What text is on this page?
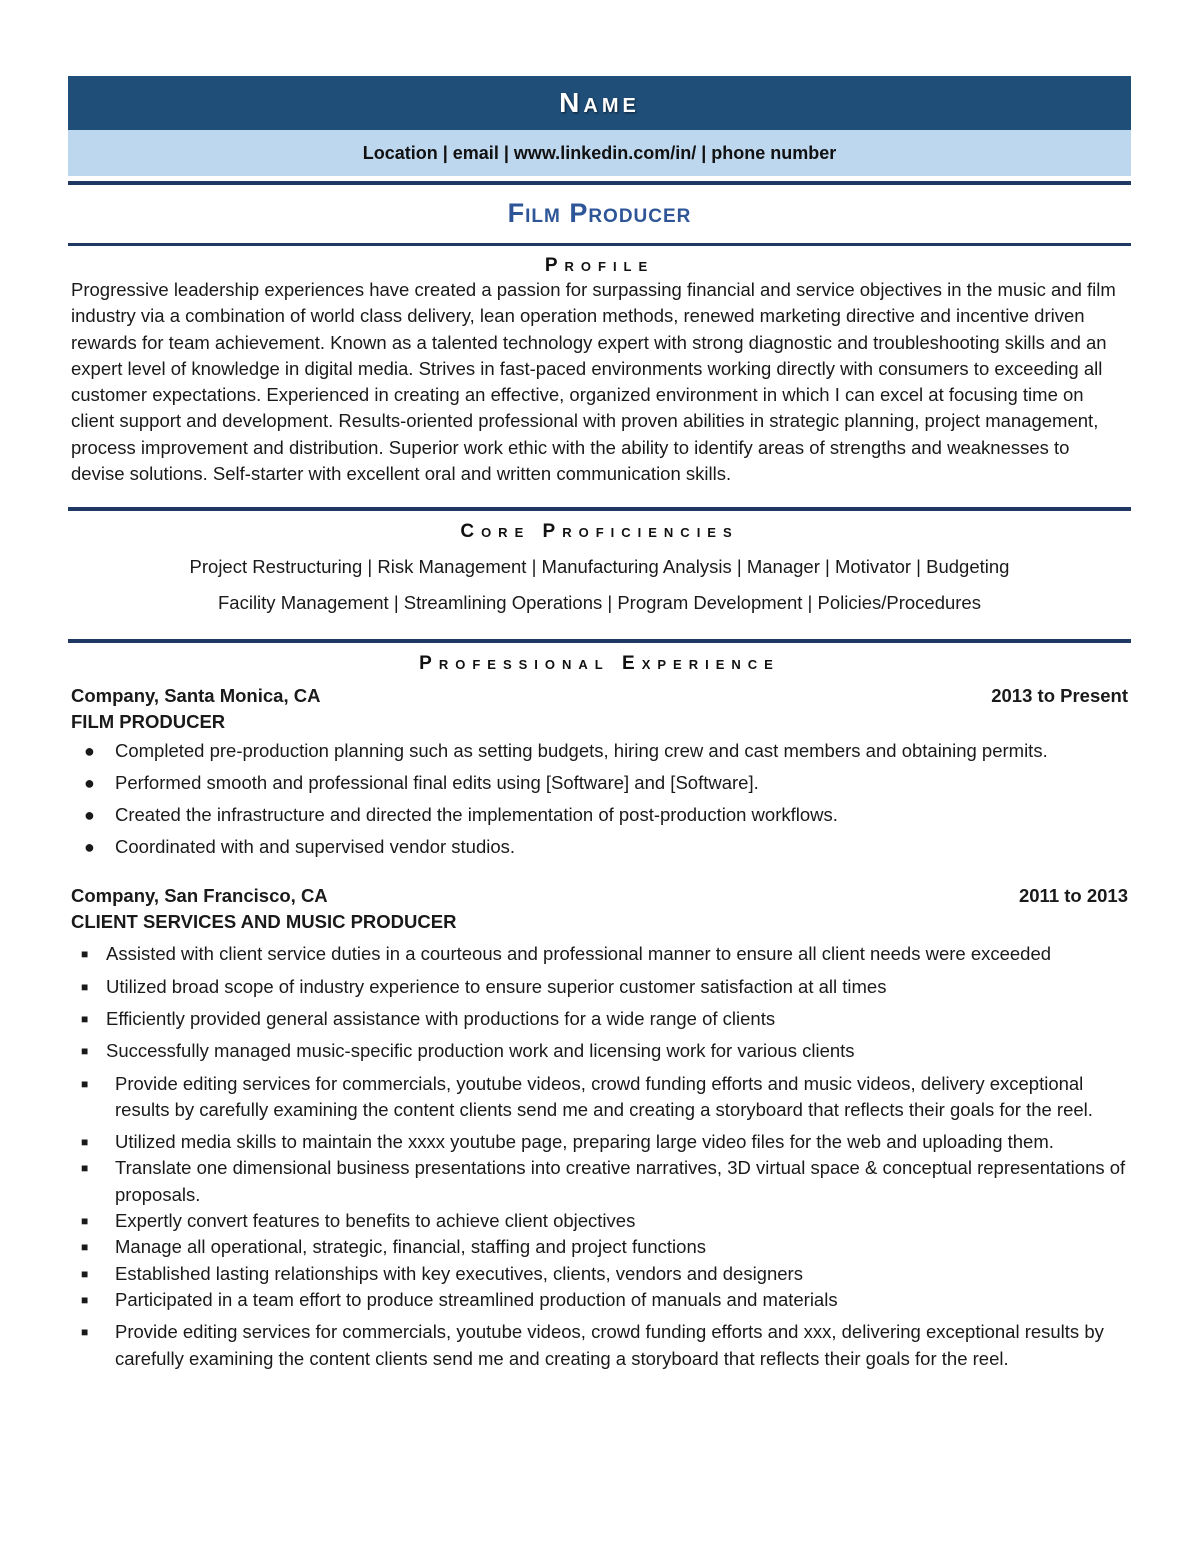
Name
Location | email | www.linkedin.com/in/ | phone number
Film Producer
Profile
Progressive leadership experiences have created a passion for surpassing financial and service objectives in the music and film industry via a combination of world class delivery, lean operation methods, renewed marketing directive and incentive driven rewards for team achievement. Known as a talented technology expert with strong diagnostic and troubleshooting skills and an expert level of knowledge in digital media. Strives in fast-paced environments working directly with consumers to exceeding all customer expectations. Experienced in creating an effective, organized environment in which I can excel at focusing time on client support and development. Results-oriented professional with proven abilities in strategic planning, project management, process improvement and distribution. Superior work ethic with the ability to identify areas of strengths and weaknesses to devise solutions. Self-starter with excellent oral and written communication skills.
Core Proficiencies
Project Restructuring | Risk Management | Manufacturing Analysis | Manager | Motivator | Budgeting
Facility Management | Streamlining Operations | Program Development | Policies/Procedures
Professional Experience
Company, Santa Monica, CA	2013 to Present
FILM PRODUCER
● Completed pre-production planning such as setting budgets, hiring crew and cast members and obtaining permits.
● Performed smooth and professional final edits using [Software] and [Software].
● Created the infrastructure and directed the implementation of post-production workflows.
● Coordinated with and supervised vendor studios.
Company, San Francisco, CA	2011 to 2013
CLIENT SERVICES AND MUSIC PRODUCER
■ Assisted with client service duties in a courteous and professional manner to ensure all client needs were exceeded
■ Utilized broad scope of industry experience to ensure superior customer satisfaction at all times
■ Efficiently provided general assistance with productions for a wide range of clients
■ Successfully managed music-specific production work and licensing work for various clients
■ Provide editing services for commercials, youtube videos, crowd funding efforts and music videos, delivery exceptional results by carefully examining the content clients send me and creating a storyboard that reflects their goals for the reel.
■ Utilized media skills to maintain the xxxx youtube page, preparing large video files for the web and uploading them.
■ Translate one dimensional business presentations into creative narratives, 3D virtual space & conceptual representations of proposals.
■ Expertly convert features to benefits to achieve client objectives
■ Manage all operational, strategic, financial, staffing and project functions
■ Established lasting relationships with key executives, clients, vendors and designers
■ Participated in a team effort to produce streamlined production of manuals and materials
■ Provide editing services for commercials, youtube videos, crowd funding efforts and xxx, delivering exceptional results by carefully examining the content clients send me and creating a storyboard that reflects their goals for the reel.
